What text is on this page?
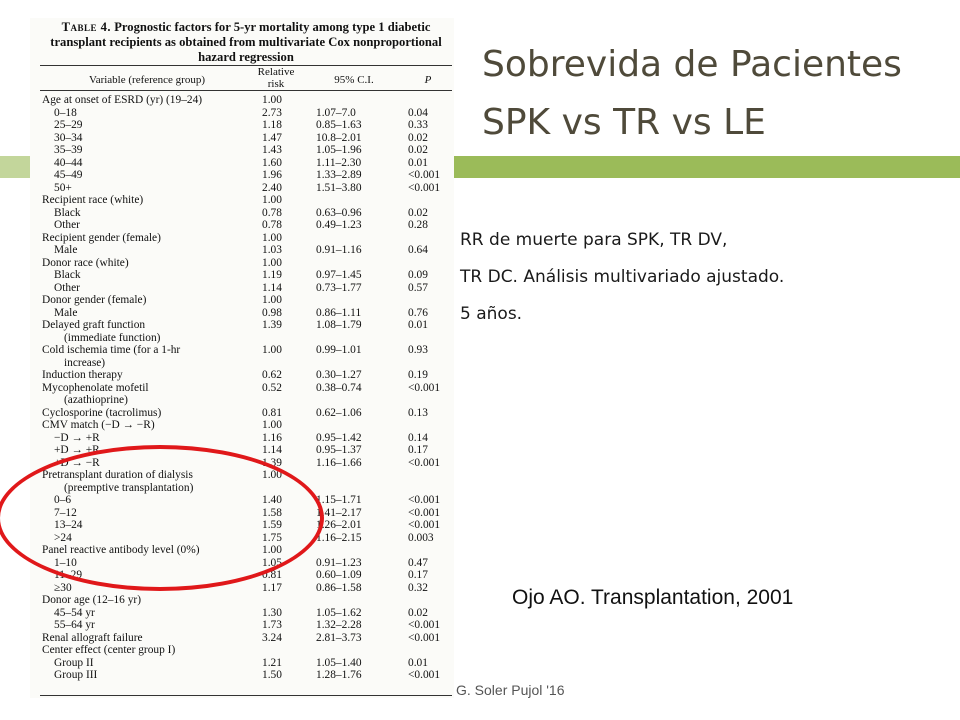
Table 4. Prognostic factors for 5-yr mortality among type 1 diabetic transplant recipients as obtained from multivariate Cox nonproportional hazard regression
Variable (reference group)
Relative risk	95% C.I.	P
Age at onset of ESRD (yr) (19–24)	1.00
0–18	2.73	1.07–7.0	0.04
25–29	1.18	0.85–1.63	0.33
30–34	1.47	10.8–2.01	0.02
35–39	1.43	1.05–1.96	0.02
40–44	1.60	1.11–2.30	0.01
45–49	1.96	1.33–2.89	<0.001
50+	2.40	1.51–3.80	<0.001
Recipient race (white)	1.00
Black	0.78	0.63–0.96	0.02
Other	0.78	0.49–1.23	0.28
Recipient gender (female)	1.00
Male	1.03	0.91–1.16	0.64
Donor race (white)	1.00
Black	1.19	0.97–1.45	0.09
Other	1.14	0.73–1.77	0.57
Donor gender (female)	1.00
Male	0.98	0.86–1.11	0.76
Delayed graft function	1.39	1.08–1.79	0.01
(immediate function)
Cold ischemia time (for a 1-hr	1.00	0.99–1.01	0.93
increase)
Induction therapy	0.62	0.30–1.27	0.19
Mycophenolate mofetil	0.52	0.38–0.74	<0.001
(azathioprine)
Cyclosporine (tacrolimus)	0.81	0.62–1.06	0.13
CMV match (−D → −R)	1.00
−D → +R	1.16	0.95–1.42	0.14
+D → +R	1.14	0.95–1.37	0.17
+D → −R	1.39	1.16–1.66	<0.001
Pretransplant duration of dialysis	1.00
(preemptive transplantation)
0–6	1.40	1.15–1.71	<0.001
7–12	1.58	1.41–2.17	<0.001
13–24	1.59	1.26–2.01	<0.001
>24	1.75	1.16–2.15	0.003
Panel reactive antibody level (0%)	1.00
1–10	1.05	0.91–1.23	0.47
11–29	0.81	0.60–1.09	0.17
≥30	1.17	0.86–1.58	0.32
Donor age (12–16 yr)
45–54 yr	1.30	1.05–1.62	0.02
55–64 yr	1.73	1.32–2.28	<0.001
Renal allograft failure	3.24	2.81–3.73	<0.001
Center effect (center group I)
Group II	1.21	1.05–1.40	0.01
Group III	1.50	1.28–1.76	<0.001
Sobrevida de Pacientes
SPK vs TR vs LE
RR de muerte para SPK, TR DV,
TR DC. Análisis multivariado ajustado.
5 años.
Ojo AO. Transplantation, 2001
G. Soler Pujol '16
